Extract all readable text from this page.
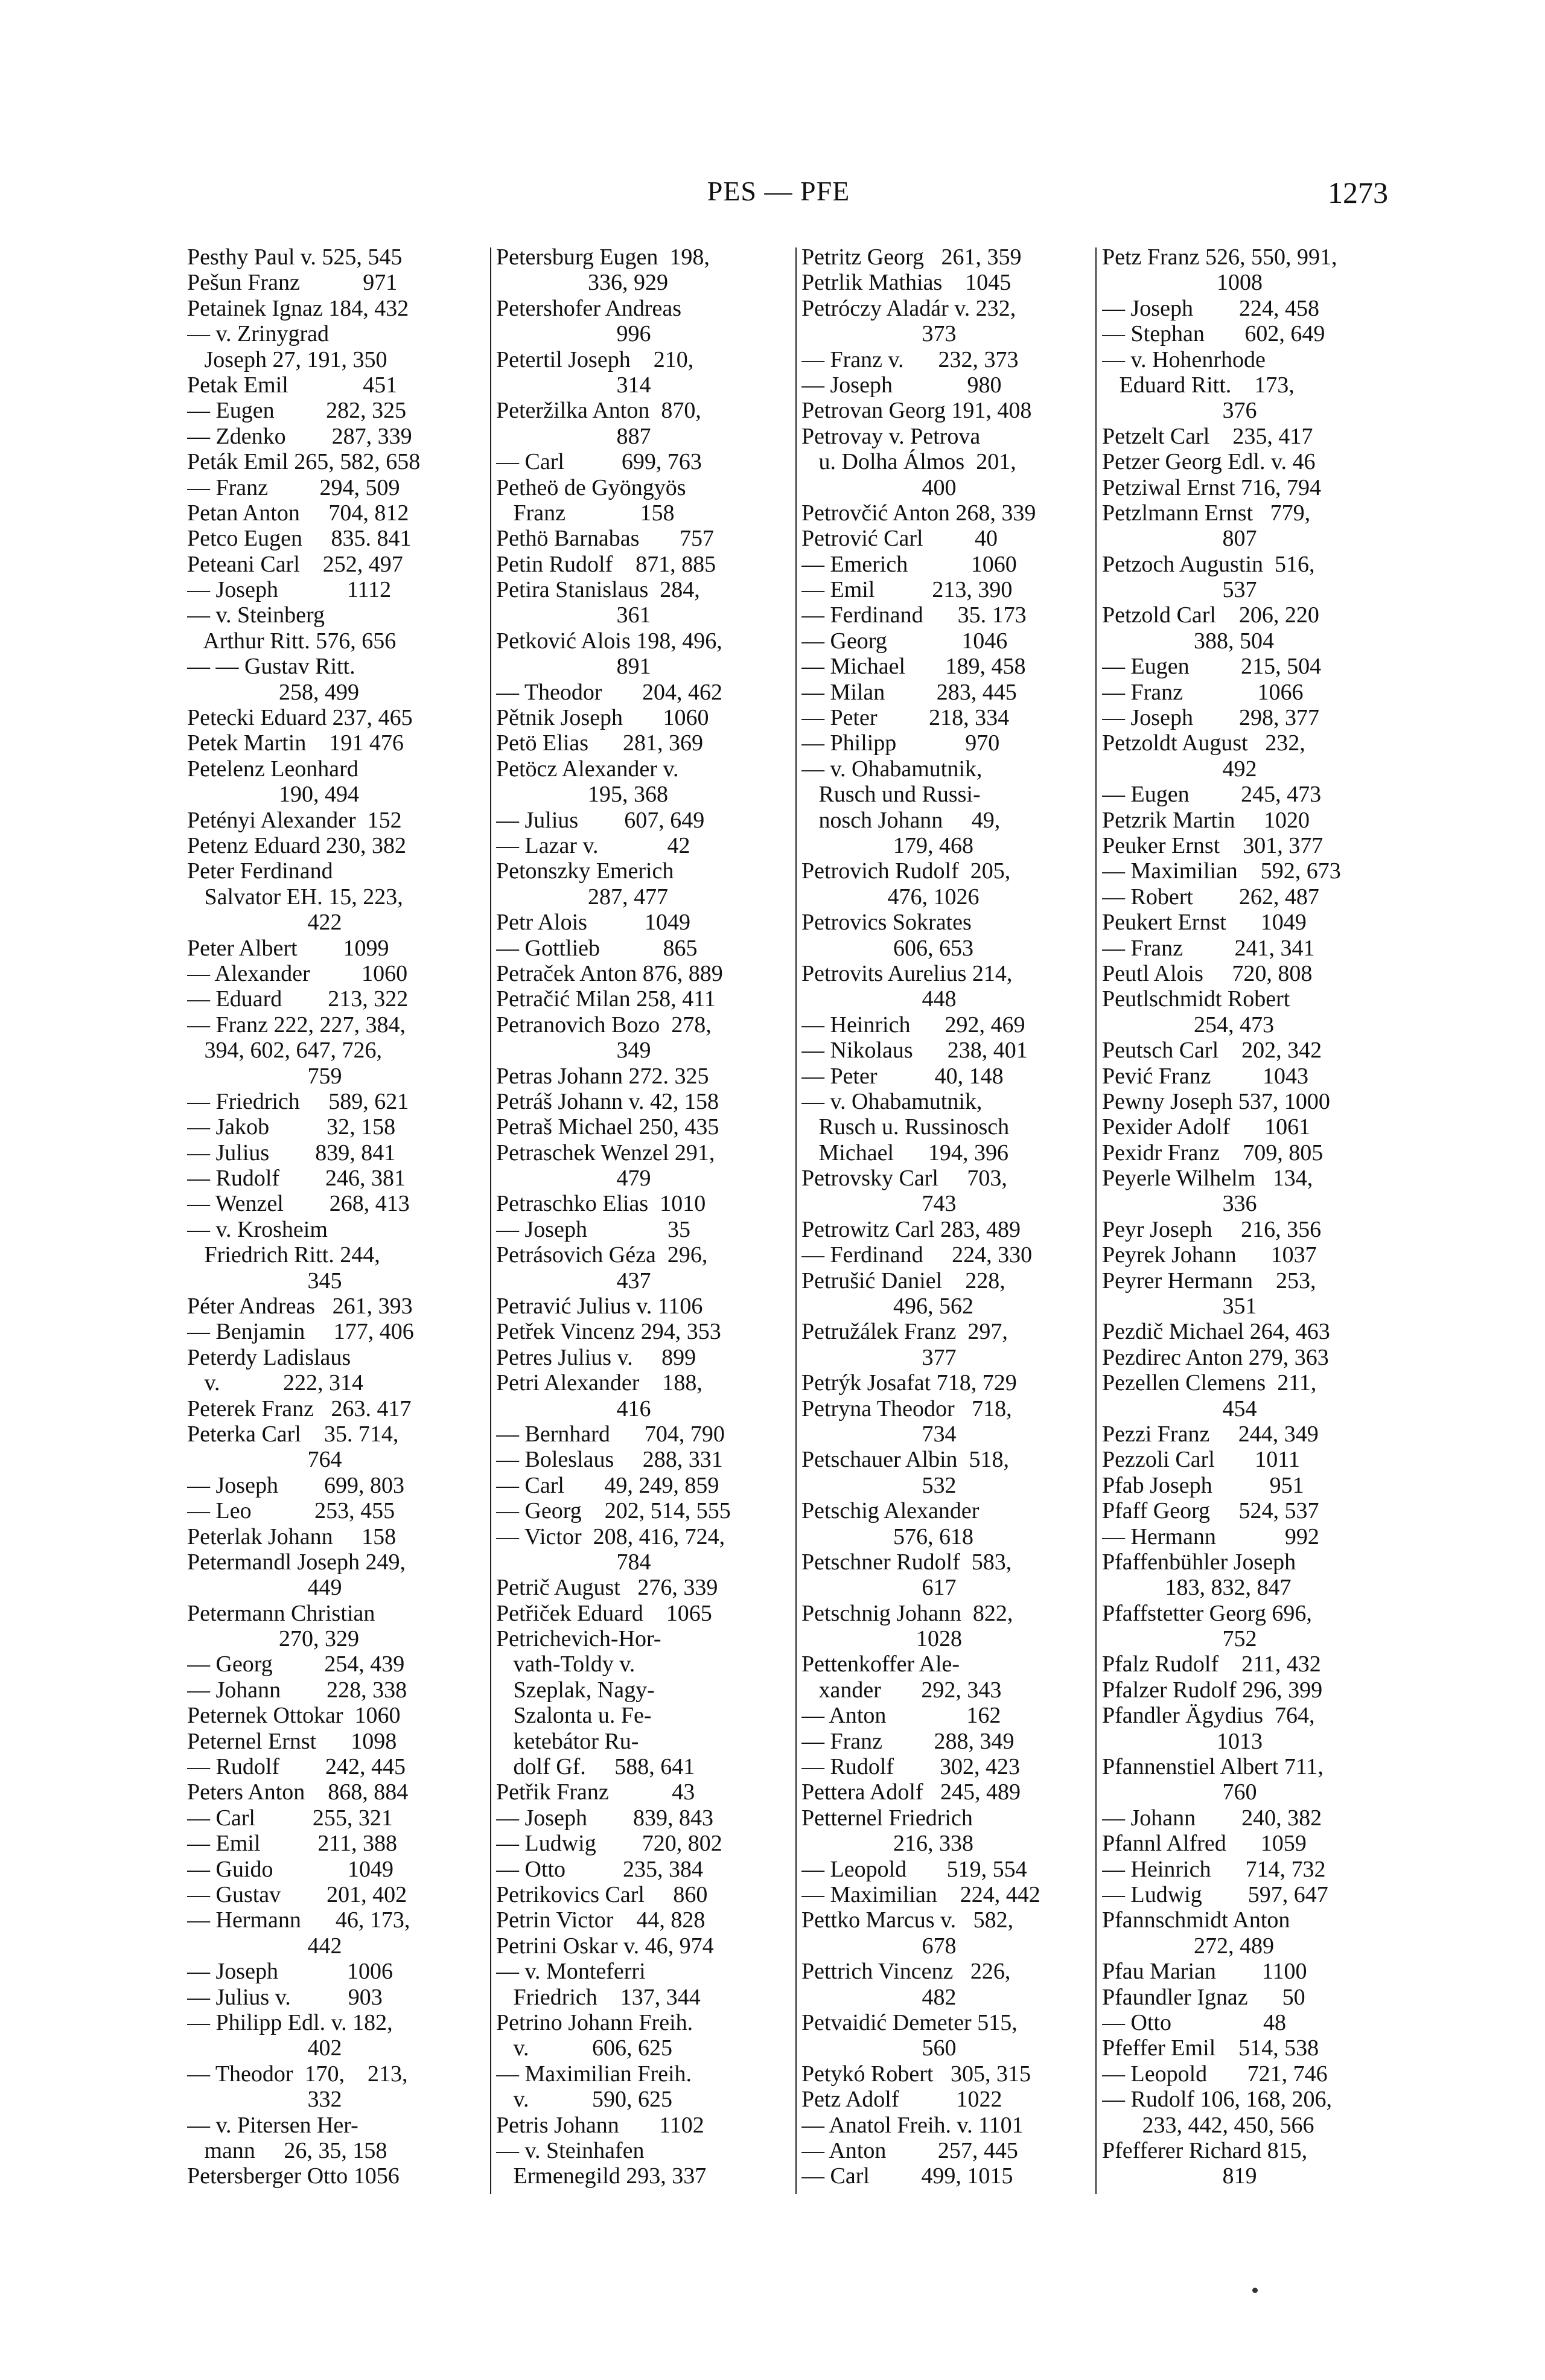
PES — PFE	1273
Pesthy Paul v. 525, 545
Pešun Franz           971
Petainek Ignaz 184, 432
— v. Zrinygrad
Joseph 27, 191, 350
Petak Emil             451
— Eugen         282, 325
— Zdenko        287, 339
Peták Emil 265, 582, 658
— Franz         294, 509
Petan Anton     704, 812
Petco Eugen     835. 841
Peteani Carl    252, 497
— Joseph            1112
— v. Steinberg
Arthur Ritt. 576, 656
— — Gustav Ritt.
258, 499
Petecki Eduard 237, 465
Petek Martin    191 476
Petelenz Leonhard
190, 494
Petényi Alexander  152
Petenz Eduard 230, 382
Peter Ferdinand
Salvator EH. 15, 223,
422
Peter Albert        1099
— Alexander         1060
— Eduard        213, 322
— Franz 222, 227, 384,
394, 602, 647, 726,
759
— Friedrich     589, 621
— Jakob          32, 158
— Julius        839, 841
— Rudolf        246, 381
— Wenzel        268, 413
— v. Krosheim
Friedrich Ritt. 244,
345
Péter Andreas   261, 393
— Benjamin     177, 406
Peterdy Ladislaus
v.           222, 314
Peterek Franz   263. 417
Peterka Carl    35. 714,
764
— Joseph        699, 803
— Leo           253, 455
Peterlak Johann     158
Petermandl Joseph 249,
449
Petermann Christian
270, 329
— Georg         254, 439
— Johann        228, 338
Peternek Ottokar  1060
Peternel Ernst      1098
— Rudolf        242, 445
Peters Anton    868, 884
— Carl          255, 321
— Emil          211, 388
— Guido             1049
— Gustav        201, 402
— Hermann      46, 173,
442
— Joseph            1006
— Julius v.          903
— Philipp Edl. v. 182,
402
— Theodor  170,    213,
332
— v. Pitersen Her-
mann     26, 35, 158
Petersberger Otto 1056
Petersburg Eugen  198,
336, 929
Petershofer Andreas
996
Petertil Joseph    210,
314
Peteržilka Anton  870,
887
— Carl          699, 763
Petheö de Gyöngyös
Franz             158
Pethö Barnabas       757
Petin Rudolf    871, 885
Petira Stanislaus  284,
361
Petković Alois 198, 496,
891
— Theodor       204, 462
Pětnik Joseph       1060
Petö Elias      281, 369
Petöcz Alexander v.
195, 368
— Julius        607, 649
— Lazar v.            42
Petonszky Emerich
287, 477
Petr Alois          1049
— Gottlieb           865
Petraček Anton 876, 889
Petračić Milan 258, 411
Petranovich Bozo  278,
349
Petras Johann 272. 325
Petráš Johann v. 42, 158
Petraš Michael 250, 435
Petraschek Wenzel 291,
479
Petraschko Elias  1010
— Joseph              35
Petrásovich Géza  296,
437
Petravić Julius v. 1106
Petřek Vincenz 294, 353
Petres Julius v.     899
Petri Alexander    188,
416
— Bernhard      704, 790
— Boleslaus     288, 331
— Carl       49, 249, 859
— Georg    202, 514, 555
— Victor  208, 416, 724,
784
Petrič August   276, 339
Petřiček Eduard    1065
Petrichevich-Hor-
vath-Toldy v.
Szeplak, Nagy-
Szalonta u. Fe-
ketebátor Ru-
dolf Gf.     588, 641
Petřik Franz           43
— Joseph        839, 843
— Ludwig        720, 802
— Otto          235, 384
Petrikovics Carl     860
Petrin Victor    44, 828
Petrini Oskar v. 46, 974
— v. Monteferri
Friedrich    137, 344
Petrino Johann Freih.
v.           606, 625
— Maximilian Freih.
v.           590, 625
Petris Johann       1102
— v. Steinhafen
Ermenegild 293, 337
Petritz Georg   261, 359
Petrlik Mathias    1045
Petróczy Aladár v. 232,
373
— Franz v.      232, 373
— Joseph             980
Petrovan Georg 191, 408
Petrovay v. Petrova
u. Dolha Álmos  201,
400
Petrovčić Anton 268, 339
Petrović Carl         40
— Emerich           1060
— Emil          213, 390
— Ferdinand      35. 173
— Georg             1046
— Michael       189, 458
— Milan         283, 445
— Peter         218, 334
— Philipp            970
— v. Ohabamutnik,
Rusch und Russi-
nosch Johann     49,
179, 468
Petrovich Rudolf  205,
476, 1026
Petrovics Sokrates
606, 653
Petrovits Aurelius 214,
448
— Heinrich      292, 469
— Nikolaus      238, 401
— Peter          40, 148
— v. Ohabamutnik,
Rusch u. Russinosch
Michael      194, 396
Petrovsky Carl     703,
743
Petrowitz Carl 283, 489
— Ferdinand     224, 330
Petrušić Daniel    228,
496, 562
Petružálek Franz  297,
377
Petrýk Josafat 718, 729
Petryna Theodor   718,
734
Petschauer Albin  518,
532
Petschig Alexander
576, 618
Petschner Rudolf  583,
617
Petschnig Johann  822,
1028
Pettenkoffer Ale-
xander       292, 343
— Anton              162
— Franz         288, 349
— Rudolf        302, 423
Pettera Adolf   245, 489
Petternel Friedrich
216, 338
— Leopold       519, 554
— Maximilian    224, 442
Pettko Marcus v.   582,
678
Pettrich Vincenz   226,
482
Petvaidić Demeter 515,
560
Petykó Robert   305, 315
Petz Adolf          1022
— Anatol Freih. v. 1101
— Anton         257, 445
— Carl         499, 1015
Petz Franz 526, 550, 991,
1008
— Joseph        224, 458
— Stephan       602, 649
— v. Hohenrhode
Eduard Ritt.    173,
376
Petzelt Carl    235, 417
Petzer Georg Edl. v. 46
Petziwal Ernst 716, 794
Petzlmann Ernst   779,
807
Petzoch Augustin  516,
537
Petzold Carl    206, 220
388, 504
— Eugen         215, 504
— Franz             1066
— Joseph        298, 377
Petzoldt August   232,
492
— Eugen         245, 473
Petzrik Martin     1020
Peuker Ernst    301, 377
— Maximilian    592, 673
— Robert        262, 487
Peukert Ernst      1049
— Franz         241, 341
Peutl Alois     720, 808
Peutlschmidt Robert
254, 473
Peutsch Carl    202, 342
Pević Franz         1043
Pewny Joseph 537, 1000
Pexider Adolf      1061
Pexidr Franz    709, 805
Peyerle Wilhelm   134,
336
Peyr Joseph     216, 356
Peyrek Johann      1037
Peyrer Hermann    253,
351
Pezdič Michael 264, 463
Pezdirec Anton 279, 363
Pezellen Clemens  211,
454
Pezzi Franz     244, 349
Pezzoli Carl       1011
Pfab Joseph          951
Pfaff Georg     524, 537
— Hermann            992
Pfaffenbühler Joseph
183, 832, 847
Pfaffstetter Georg 696,
752
Pfalz Rudolf    211, 432
Pfalzer Rudolf 296, 399
Pfandler Ägydius  764,
1013
Pfannenstiel Albert 711,
760
— Johann        240, 382
Pfannl Alfred      1059
— Heinrich      714, 732
— Ludwig        597, 647
Pfannschmidt Anton
272, 489
Pfau Marian        1100
Pfaundler Ignaz      50
— Otto                48
Pfeffer Emil    514, 538
— Leopold       721, 746
— Rudolf 106, 168, 206,
233, 442, 450, 566
Pfefferer Richard 815,
819
